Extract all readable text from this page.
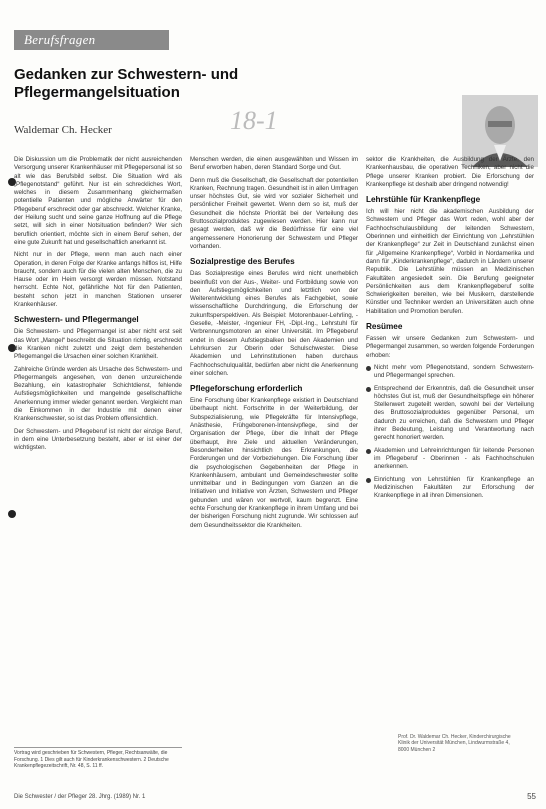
Berufsfragen
Gedanken zur Schwestern- und
Pflegermangelsituation
Waldemar Ch. Hecker	18-1

Die Diskussion um die Problematik der nicht ausreichenden Versorgung unserer Krankenhäuser mit Pflegepersonal ist so alt wie das Berufsbild selbst. Die Situation wird als „Pflegenotstand“ geführt. Nur ist ein schreckliches Wort, welches in diesem Zusammenhang gleichermaßen potentielle Patienten und mögliche Anwärter für den Pflegeberuf erschreckt oder gar abschreckt. Welcher Kranke, der Heilung sucht und seine ganze Hoffnung auf die Pflege setzt, will sich in einer Notsituation befinden? Wer sich beruflich orientiert, möchte sich in einem Beruf sehen, der eine gute Zukunft hat und gesellschaftlich anerkannt ist.

Nicht nur in der Pflege, wenn man auch nach einer Operation, in deren Folge der Kranke anfangs hilflos ist, Hilfe braucht, sondern auch für die vielen alten Menschen, die zu Hause oder im Heim versorgt werden müssen. Notstand herrscht. Echte Not, gefährliche Not für den Patienten, besteht schon jetzt in manchen Stationen unserer Krankenhäuser.

Schwestern- und Pflegermangel

Die Schwestern- und Pflegermangel ist aber nicht erst seit das Wort „Mangel“ beschreibt die Situation richtig, erschreckt die Kranken nicht zuletzt und zeigt dem bestehenden Pflegemangel die Ursachen einer solchen Krankheit.

Zahlreiche Gründe werden als Ursache des Schwestern- und Pflegermangels angesehen, von denen unzureichende Bezahlung, ein katastrophaler Schichtdienst, fehlende Aufstiegsmöglichkeiten und mangelnde gesellschaftliche Anerkennung immer wieder genannt werden. Vergleicht man die Einkommen in der Industrie mit denen einer Krankenschwester, so ist das Problem offensichtlich.

Der Schwestern- und Pflegeberuf ist nicht der einzige Beruf, in dem eine Unterbesetzung besteht, aber er ist einer der wichtigsten.

Menschen werden, die einen ausgewählten und Wissen im Beruf erworben haben, deren Standard Sorge und Gut.

Denn muß die Gesellschaft, die Gesellschaft der potentiellen Kranken, Rechnung tragen. Gesundheit ist in allen Umfragen unser höchstes Gut, sie wird vor sozialer Sicherheit und persönlicher Freiheit gewertet. Wenn dem so ist, muß der Gesundheit die höchste Priorität bei der Verteilung des Bruttosozialproduktes zugewiesen werden. Hier kann nur gesagt werden, daß wir die Bedürfnisse für eine viel angemessenere Honorierung der Schwestern und Pfleger vorhanden.

Sozialprestige des Berufes

Das Sozialprestige eines Berufes wird nicht unerheblich beeinflußt von der Aus-, Weiter- und Fortbildung sowie von den Aufstiegsmöglichkeiten und letztlich von der Weiterentwicklung eines Berufes als Fachgebiet, sowie wissenschaftliche Durchdringung, die Erforschung der zukunftsperspektiven. Als Beispiel: Motorenbauer-Lehrling, -Geselle, -Meister, -Ingenieur FH, -Dipl.-Ing., Lehrstuhl für Verbrennungsmotoren an einer Universität. Im Pflegeberuf endet in diesem Aufstiegsbalken bei den Akademien und Lehrkursen zur Oberin oder Schulschwester. Diese Akademien und Lehrinstitutionen haben durchaus Fachhochschulqualität, bedürfen aber nicht die Anerkennung einer solchen.

Pflegeforschung erforderlich

Eine Forschung über Krankenpflege existiert in Deutschland überhaupt nicht. Fortschritte in der Weiterbildung, der Subspezialisierung, wie Pflegekräfte für Intensivpflege, Anästhesie, Frühgeborenen-Intensivpflege, sind der Organisation der Pflege, über die Inhalt der Pflege überhaupt, ihre Ziele und aktuellen Veränderungen, Besonderheiten hinsichtlich des Erkrankungen, die Forderungen und der Vorbeziehungen. Die Forschung über die psychologischen Gegebenheiten der Pflege in Krankenhäusern, ambulant und Gemeindeschwester sollte unmittelbar und in Bedingungen vom Ganzen an die Initiativen und Initiative von Ärzten, Schwestern und Pfleger gebunden und wären vor wertvoll, kaum begrenzt. Eine echte Forschung der Krankenpflege in ihrem Umfang und bei der bisherigen Forschung nicht zugrunde. Wir schlossen auf dem Gesundheitssektor die Krankheiten.

sektor die Krankheiten, die Ausbildung der Ärzte, den Krankenhausbau, die operativen Techniken, aber nicht die Pflege unserer Kranken probiert. Die Erforschung der Krankenpflege ist deshalb aber dringend notwendig!

Lehrstühle für Krankenpflege

Ich will hier nicht die akademischen Ausbildung der Schwestern und Pfleger das Wort reden, wohl aber der Fachhochschulausbildung der leitenden Schwestern, Oberinnen und einheitlich der Einrichtung von „Lehrstühlen der Krankenpflege“ zur Zeit in Deutschland zunächst einen für „Allgemeine Krankenpflege“, Vorbild in Nordamerika und dann für „Kinderkrankenpflege“, dadurch in Ländern unserer Republik. Die Lehrstühle müssen an Medizinischen Fakultäten angesiedelt sein. Die Berufung geeigneter Persönlichkeiten aus dem Krankenpflegeberuf sollte Schwierigkeiten bereiten, wie bei Musikern, darstellende Künstler und Techniker werden an Universitäten auch ohne Habilitation und Promotion berufen.

Resümee

Fassen wir unsere Gedanken zum Schwestern- und Pflegermangel zusammen, so werden folgende Forderungen erhoben:

Nicht mehr vom Pflegenotstand, sondern Schwestern- und Pflegermangel sprechen.

Entsprechend der Erkenntnis, daß die Gesundheit unser höchstes Gut ist, muß der Gesundheitspflege ein höherer Stellenwert zugeteilt werden, sowohl bei der Verteilung des Bruttosozialproduktes gegenüber Personal, um dadurch zu erreichen, daß die Schwestern und Pfleger ihrer Bedeutung, Leistung und Verantwortung nach gerecht honoriert werden.

Akademien und Lehreinrichtungen für leitende Personen im Pflegeberuf - Oberinnen - als Fachhochschulen anerkennen.

Einrichtung von Lehrstühlen für Krankenpflege an Medizinischen Fakultäten zur Erforschung der Krankenpflege in all ihren Dimensionen.

Vortrag wird geschrieben für Schwestern, Pfleger, Rechtsanwälte, die Forschung. 1 Dies gilt auch für Kinderkrankenschwestern. 2 Deutsche Krankenpflegezeitschrift, Nr. 48, S. 11 ff.
Prof. Dr. Waldemar Ch. Hecker, Kinderchirurgische Klinik der Universität München, Lindwurmstraße 4, 8000 München 2
Die Schwester / der Pfleger 28. Jhrg. (1989) Nr. 1	55
